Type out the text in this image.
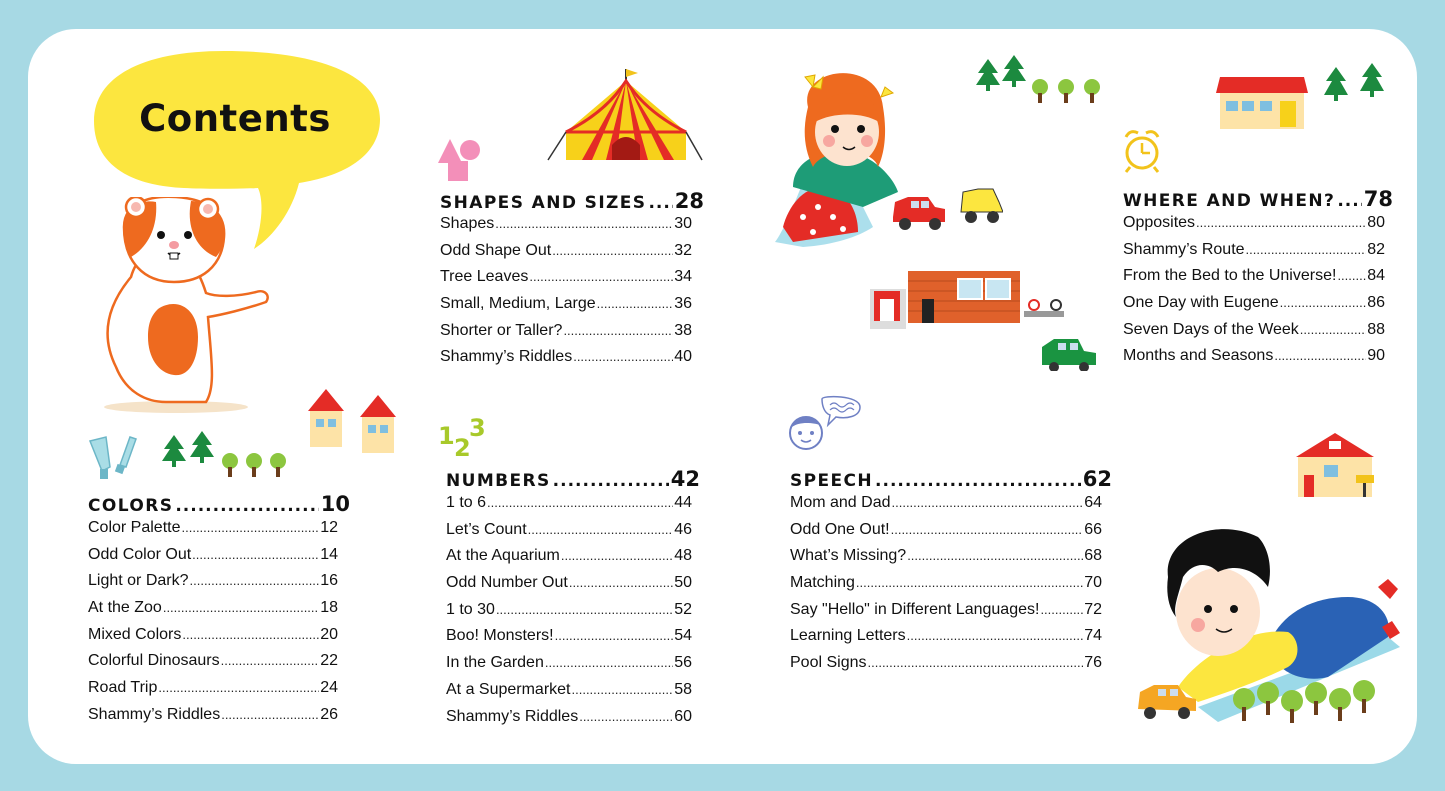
Contents
1 2
3
COLORS .....	10
Color Palette .....	12
Odd Color Out .....	14
Light or Dark? .....	16
At the Zoo .....	18
Mixed Colors .....	20
Colorful Dinosaurs .....	22
Road Trip .....	24
Shammy’s Riddles .....	26
SHAPES AND SIZES ..... 28
Shapes .....	30
Odd Shape Out .....	32
Tree Leaves .....	34
Small, Medium, Large .....	36
Shorter or Taller? .....	38
Shammy’s Riddles .....	40
NUMBERS .....	42
1 to 6 .....	44
Let’s Count .....	46
At the Aquarium .....	48
Odd Number Out .....	50
1 to 30 .....	52
Boo! Monsters! .....	54
In the Garden .....	56
At a Supermarket .....	58
Shammy’s Riddles .....	60
SPEECH .....	62
Mom and Dad .....	64
Odd One Out! .....	66
What’s Missing? .....	68
Matching .....	70
Say "Hello" in Different Languages! .....	72
Learning Letters .....	74
Pool Signs .....	76
WHERE AND WHEN? ..... 78
Opposites .....	80
Shammy’s Route .....	82
From the Bed to the Universe! ..... 84
One Day with Eugene .....	86
Seven Days of the Week .....	88
Months and Seasons .....	90
